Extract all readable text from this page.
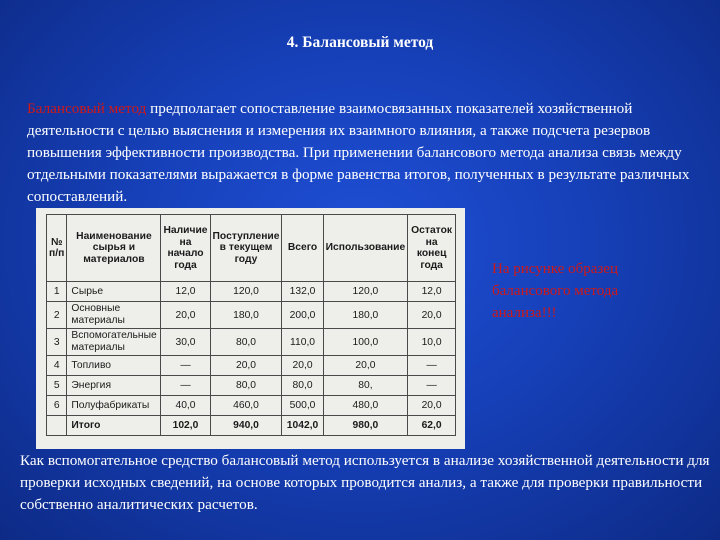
4. Балансовый метод
Балансовый метод предполагает сопоставление взаимосвязанных показателей хозяйственной деятельности с целью выяснения и измерения их взаимного влияния, а также подсчета резервов повышения эффективности производства. При применении балансового метода анализа связь между отдельными показателями выражается в форме равенства итогов, полученных в результате различных сопоставлений.
№ п/п	Наименование сырья и материалов	Наличие на начало года	Поступление в текущем году	Всего	Использование	Остаток на конец года
1	Сырье	12,0	120,0	132,0	120,0	12,0
2	Основные материалы	20,0	180,0	200,0	180,0	20,0
3	Вспомогательные материалы	30,0	80,0	110,0	100,0	10,0
4	Топливо	—	20,0	20,0	20,0	—
5	Энергия	—	80,0	80,0	80,	—
6	Полуфабрикаты	40,0	460,0	500,0	480,0	20,0
	Итого	102,0	940,0	1042,0	980,0	62,0
На рисунке образец балансового метода анализа!!!
Как вспомогательное средство балансовый метод используется в анализе хозяйственной деятельности для проверки исходных сведений, на основе которых проводится анализ, а также для проверки правильности собственно аналитических расчетов.
